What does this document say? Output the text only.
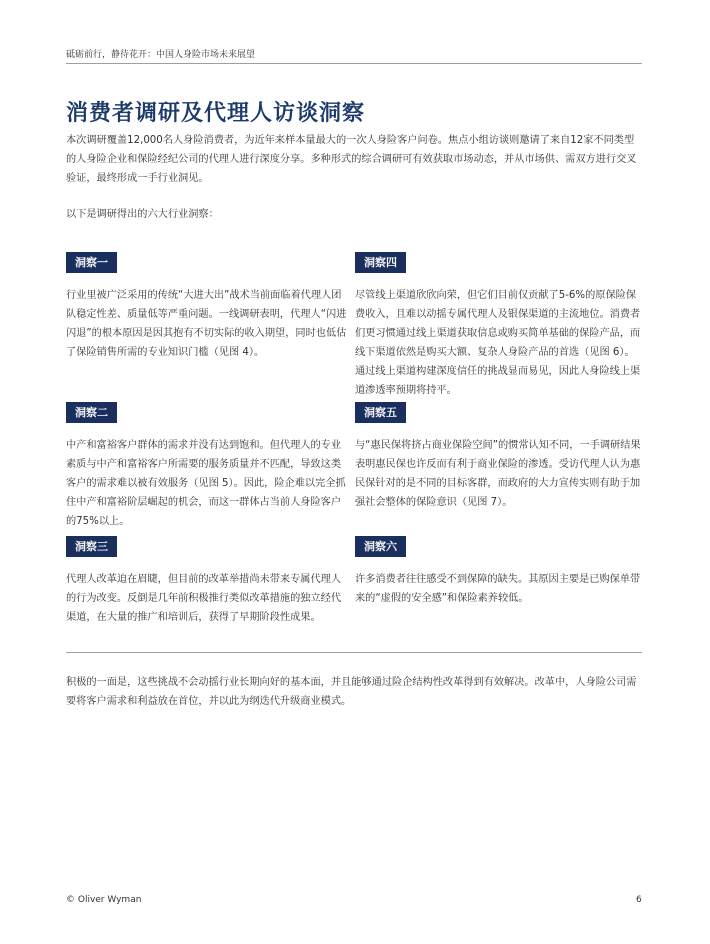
砥砺前行，静待花开：中国人身险市场未来展望
消费者调研及代理人访谈洞察
本次调研覆盖12,000名人身险消费者，为近年来样本量最大的一次人身险客户问卷。焦点小组访谈则邀请了来自12家不同类型的人身险企业和保险经纪公司的代理人进行深度分享。多种形式的综合调研可有效获取市场动态，并从市场供、需双方进行交叉验证，最终形成一手行业洞见。
以下是调研得出的六大行业洞察：
洞察一
行业里被广泛采用的传统“大进大出”战术当前面临着代理人团队稳定性差、质量低等严重问题。一线调研表明，代理人“闪进闪退”的根本原因是因其抱有不切实际的收入期望，同时也低估了保险销售所需的专业知识门槛（见图 4）。
洞察二
中产和富裕客户群体的需求并没有达到饱和。但代理人的专业素质与中产和富裕客户所需要的服务质量并不匹配，导致这类客户的需求难以被有效服务（见图 5）。因此，险企难以完全抓住中产和富裕阶层崛起的机会，而这一群体占当前人身险客户的75%以上。
洞察三
代理人改革迫在眉睫，但目前的改革举措尚未带来专属代理人的行为改变。反倒是几年前积极推行类似改革措施的独立经代渠道，在大量的推广和培训后，获得了早期阶段性成果。
洞察四
尽管线上渠道欣欣向荣，但它们目前仅贡献了5-6%的原保险保费收入，且难以动摇专属代理人及银保渠道的主流地位。消费者们更习惯通过线上渠道获取信息或购买简单基础的保险产品，而线下渠道依然是购买大额、复杂人身险产品的首选（见图 6）。通过线上渠道构建深度信任的挑战显而易见，因此人身险线上渠道渗透率预期将持平。
洞察五
与“惠民保将挤占商业保险空间”的惯常认知不同，一手调研结果表明惠民保也许反而有利于商业保险的渗透。受访代理人认为惠民保针对的是不同的目标客群，而政府的大力宣传实则有助于加强社会整体的保险意识（见图 7）。
洞察六
许多消费者往往感受不到保障的缺失。其原因主要是已购保单带来的“虚假的安全感”和保险素养较低。
积极的一面是，这些挑战不会动摇行业长期向好的基本面，并且能够通过险企结构性改革得到有效解决。改革中，人身险公司需要将客户需求和利益放在首位，并以此为纲迭代升级商业模式。
© Oliver Wyman	6
